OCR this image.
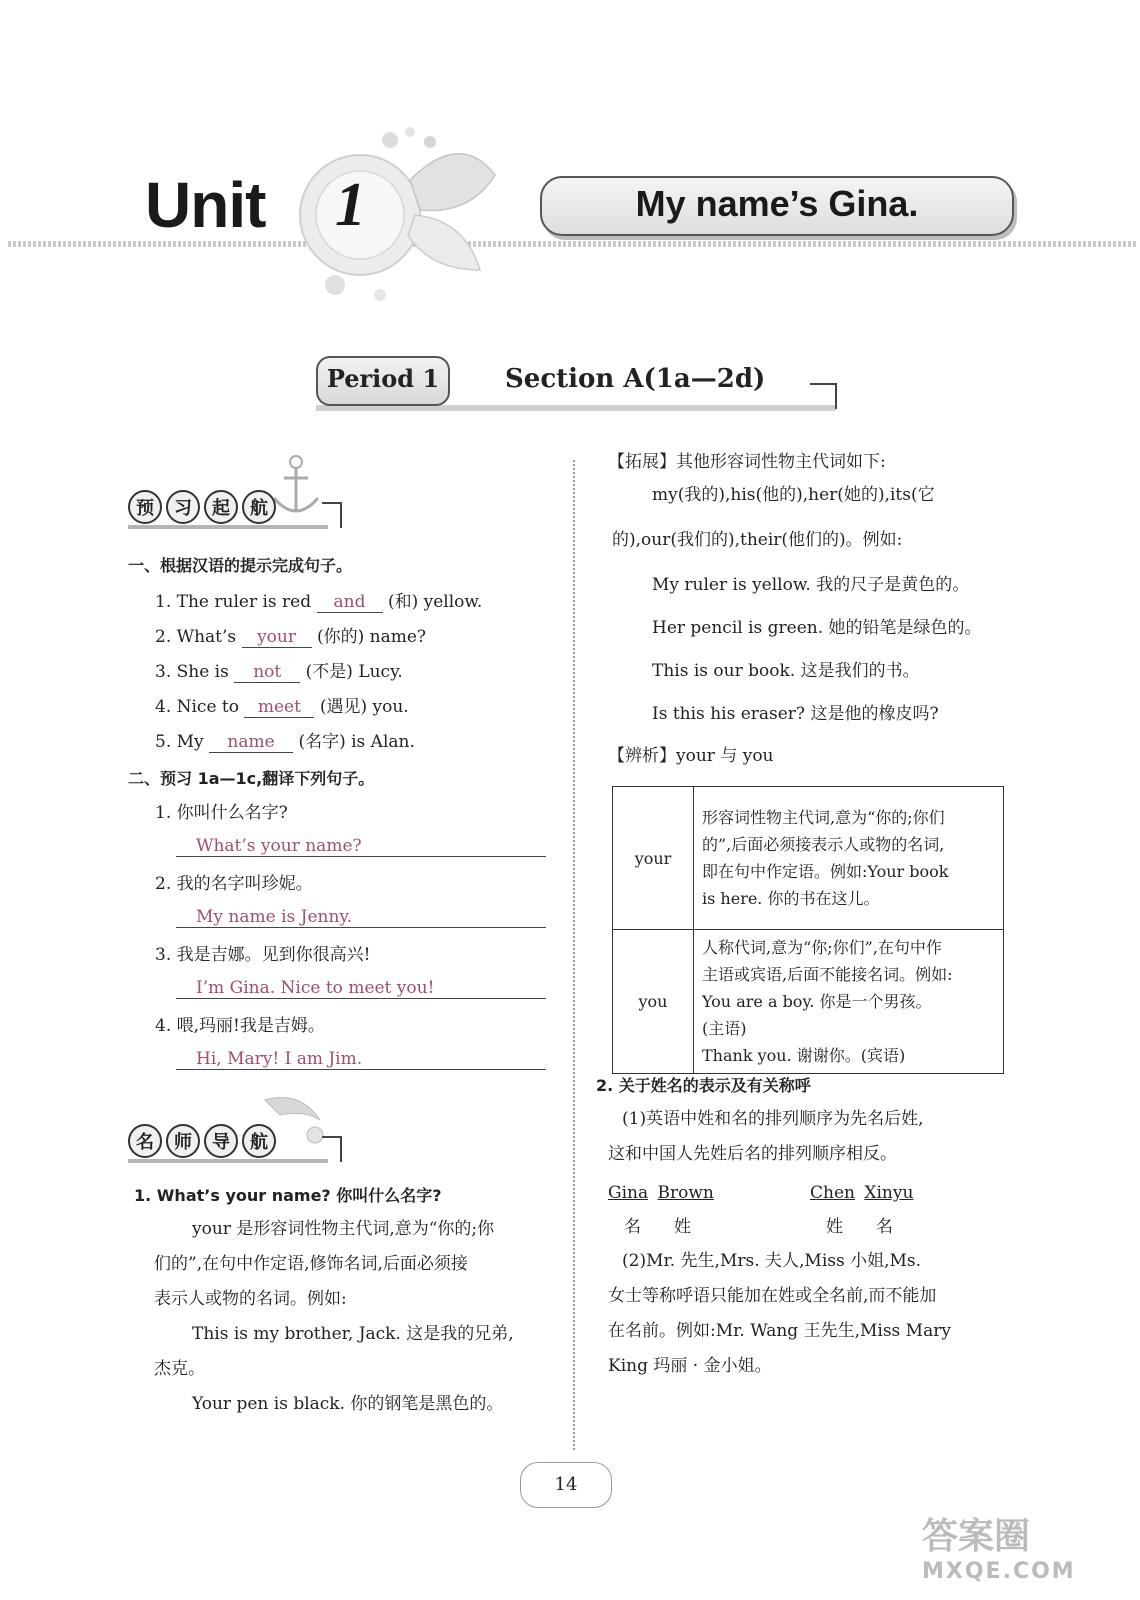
Unit 1	My name’s Gina.
Period 1	Section A(1a—2d)
预	习	起	航
一、根据汉语的提示完成句子。
1. The ruler is red and (和) yellow.
2. What’s your (你的) name?
3. She is not (不是) Lucy.
4. Nice to meet (遇见) you.
5. My name (名字) is Alan.
二、预习 1a—1c,翻译下列句子。
1. 你叫什么名字?
What’s your name?
2. 我的名字叫珍妮。
My name is Jenny.
3. 我是吉娜。见到你很高兴!
I’m Gina. Nice to meet you!
4. 喂,玛丽!我是吉姆。
Hi, Mary! I am Jim.
名	师	导	航
1. What’s your name? 你叫什么名字?
your 是形容词性物主代词,意为“你的;你
们的”,在句中作定语,修饰名词,后面必须接
表示人或物的名词。例如:
This is my brother, Jack. 这是我的兄弟,
杰克。
Your pen is black. 你的钢笔是黑色的。
【拓展】其他形容词性物主代词如下:
my(我的),his(他的),her(她的),its(它
的),our(我们的),their(他们的)。例如:
My ruler is yellow. 我的尺子是黄色的。
Her pencil is green. 她的铅笔是绿色的。
This is our book. 这是我们的书。
Is this his eraser? 这是他的橡皮吗?
【辨析】your 与 you
your	形容词性物主代词,意为“你的;你们
的”,后面必须接表示人或物的名词,
即在句中作定语。例如:Your book
is here. 你的书在这儿。

you	人称代词,意为“你;你们”,在句中作
主语或宾语,后面不能接名词。例如:
You are a boy. 你是一个男孩。
(主语)
Thank you. 谢谢你。(宾语)
2. 关于姓名的表示及有关称呼
(1)英语中姓和名的排列顺序为先名后姓,
这和中国人先姓后名的排列顺序相反。
Gina Brown	Chen Xinyu
名 姓	姓 名
(2)Mr. 先生,Mrs. 夫人,Miss 小姐,Ms.
女士等称呼语只能加在姓或全名前,而不能加
在名前。例如:Mr. Wang 王先生,Miss Mary
King 玛丽 · 金小姐。
14
答案圈
MXQE.COM
